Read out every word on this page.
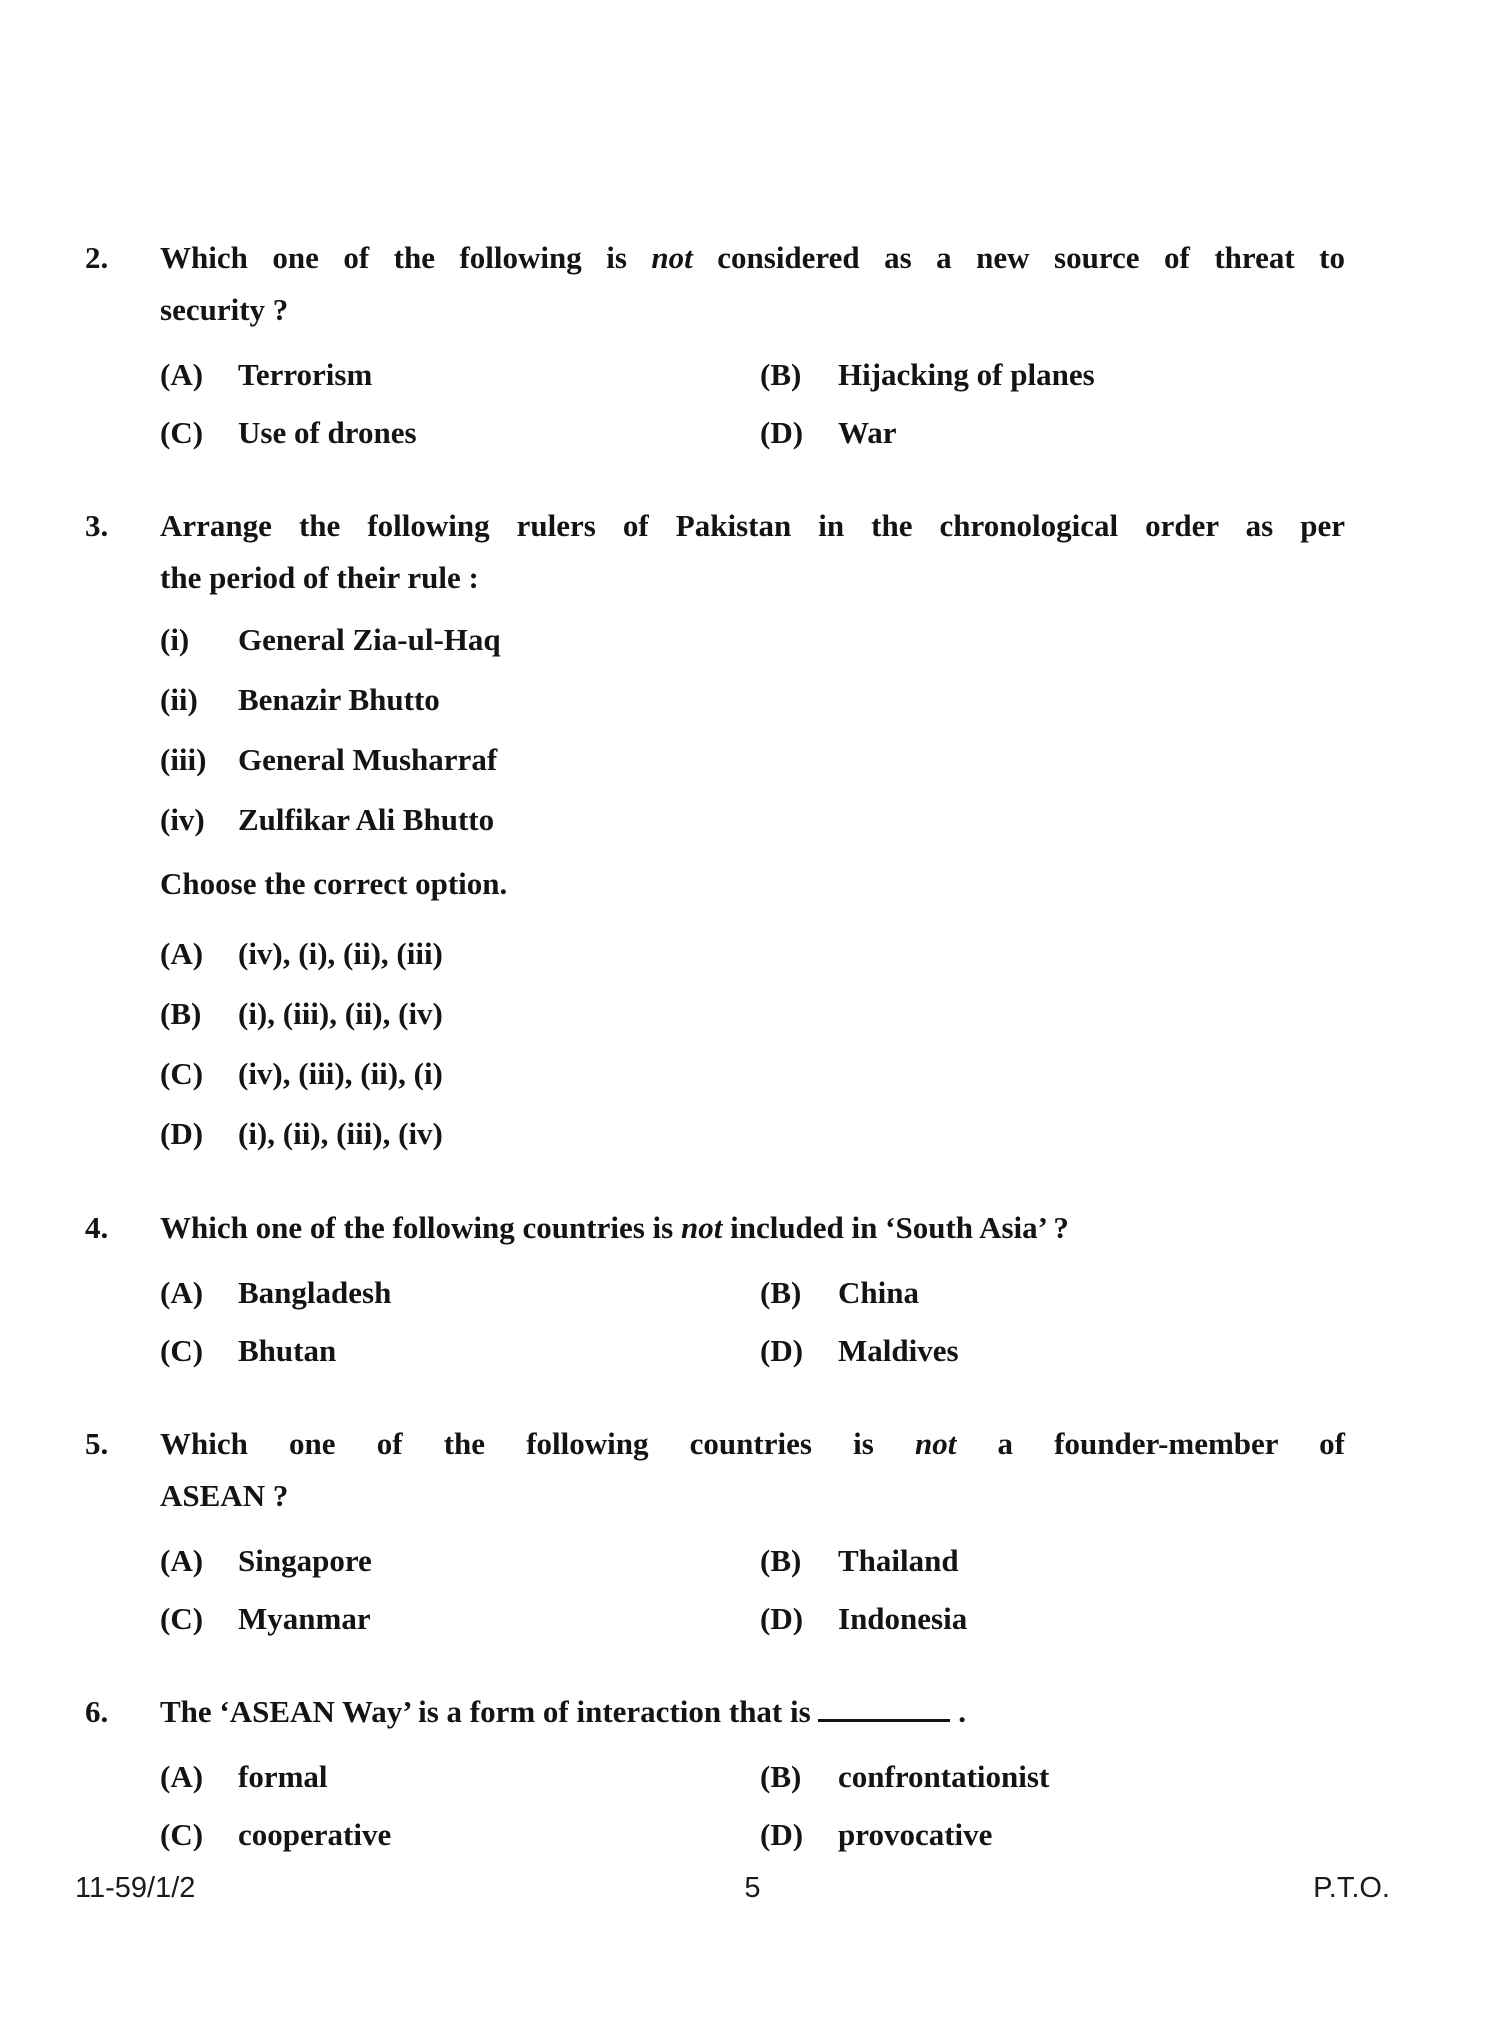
2.	Which one of the following is not considered as a new source of threat to
security ?
(A)	Terrorism	(B)	Hijacking of planes
(C)	Use of drones	(D)	War
3.	Arrange the following rulers of Pakistan in the chronological order as per
the period of their rule :
(i)	General Zia-ul-Haq
(ii)	Benazir Bhutto
(iii)	General Musharraf
(iv)	Zulfikar Ali Bhutto
Choose the correct option.
(A)	(iv), (i), (ii), (iii)
(B)	(i), (iii), (ii), (iv)
(C)	(iv), (iii), (ii), (i)
(D)	(i), (ii), (iii), (iv)
4.	Which one of the following countries is not included in ‘South Asia’ ?
(A)	Bangladesh	(B)	China
(C)	Bhutan	(D)	Maldives
5.	Which one of the following countries is not a founder-member of
ASEAN ?
(A)	Singapore	(B)	Thailand
(C)	Myanmar	(D)	Indonesia
6.	The ‘ASEAN Way’ is a form of interaction that is	.
(A)	formal	(B)	confrontationist
(C)	cooperative	(D)	provocative
11-59/1/2	5	P.T.O.
